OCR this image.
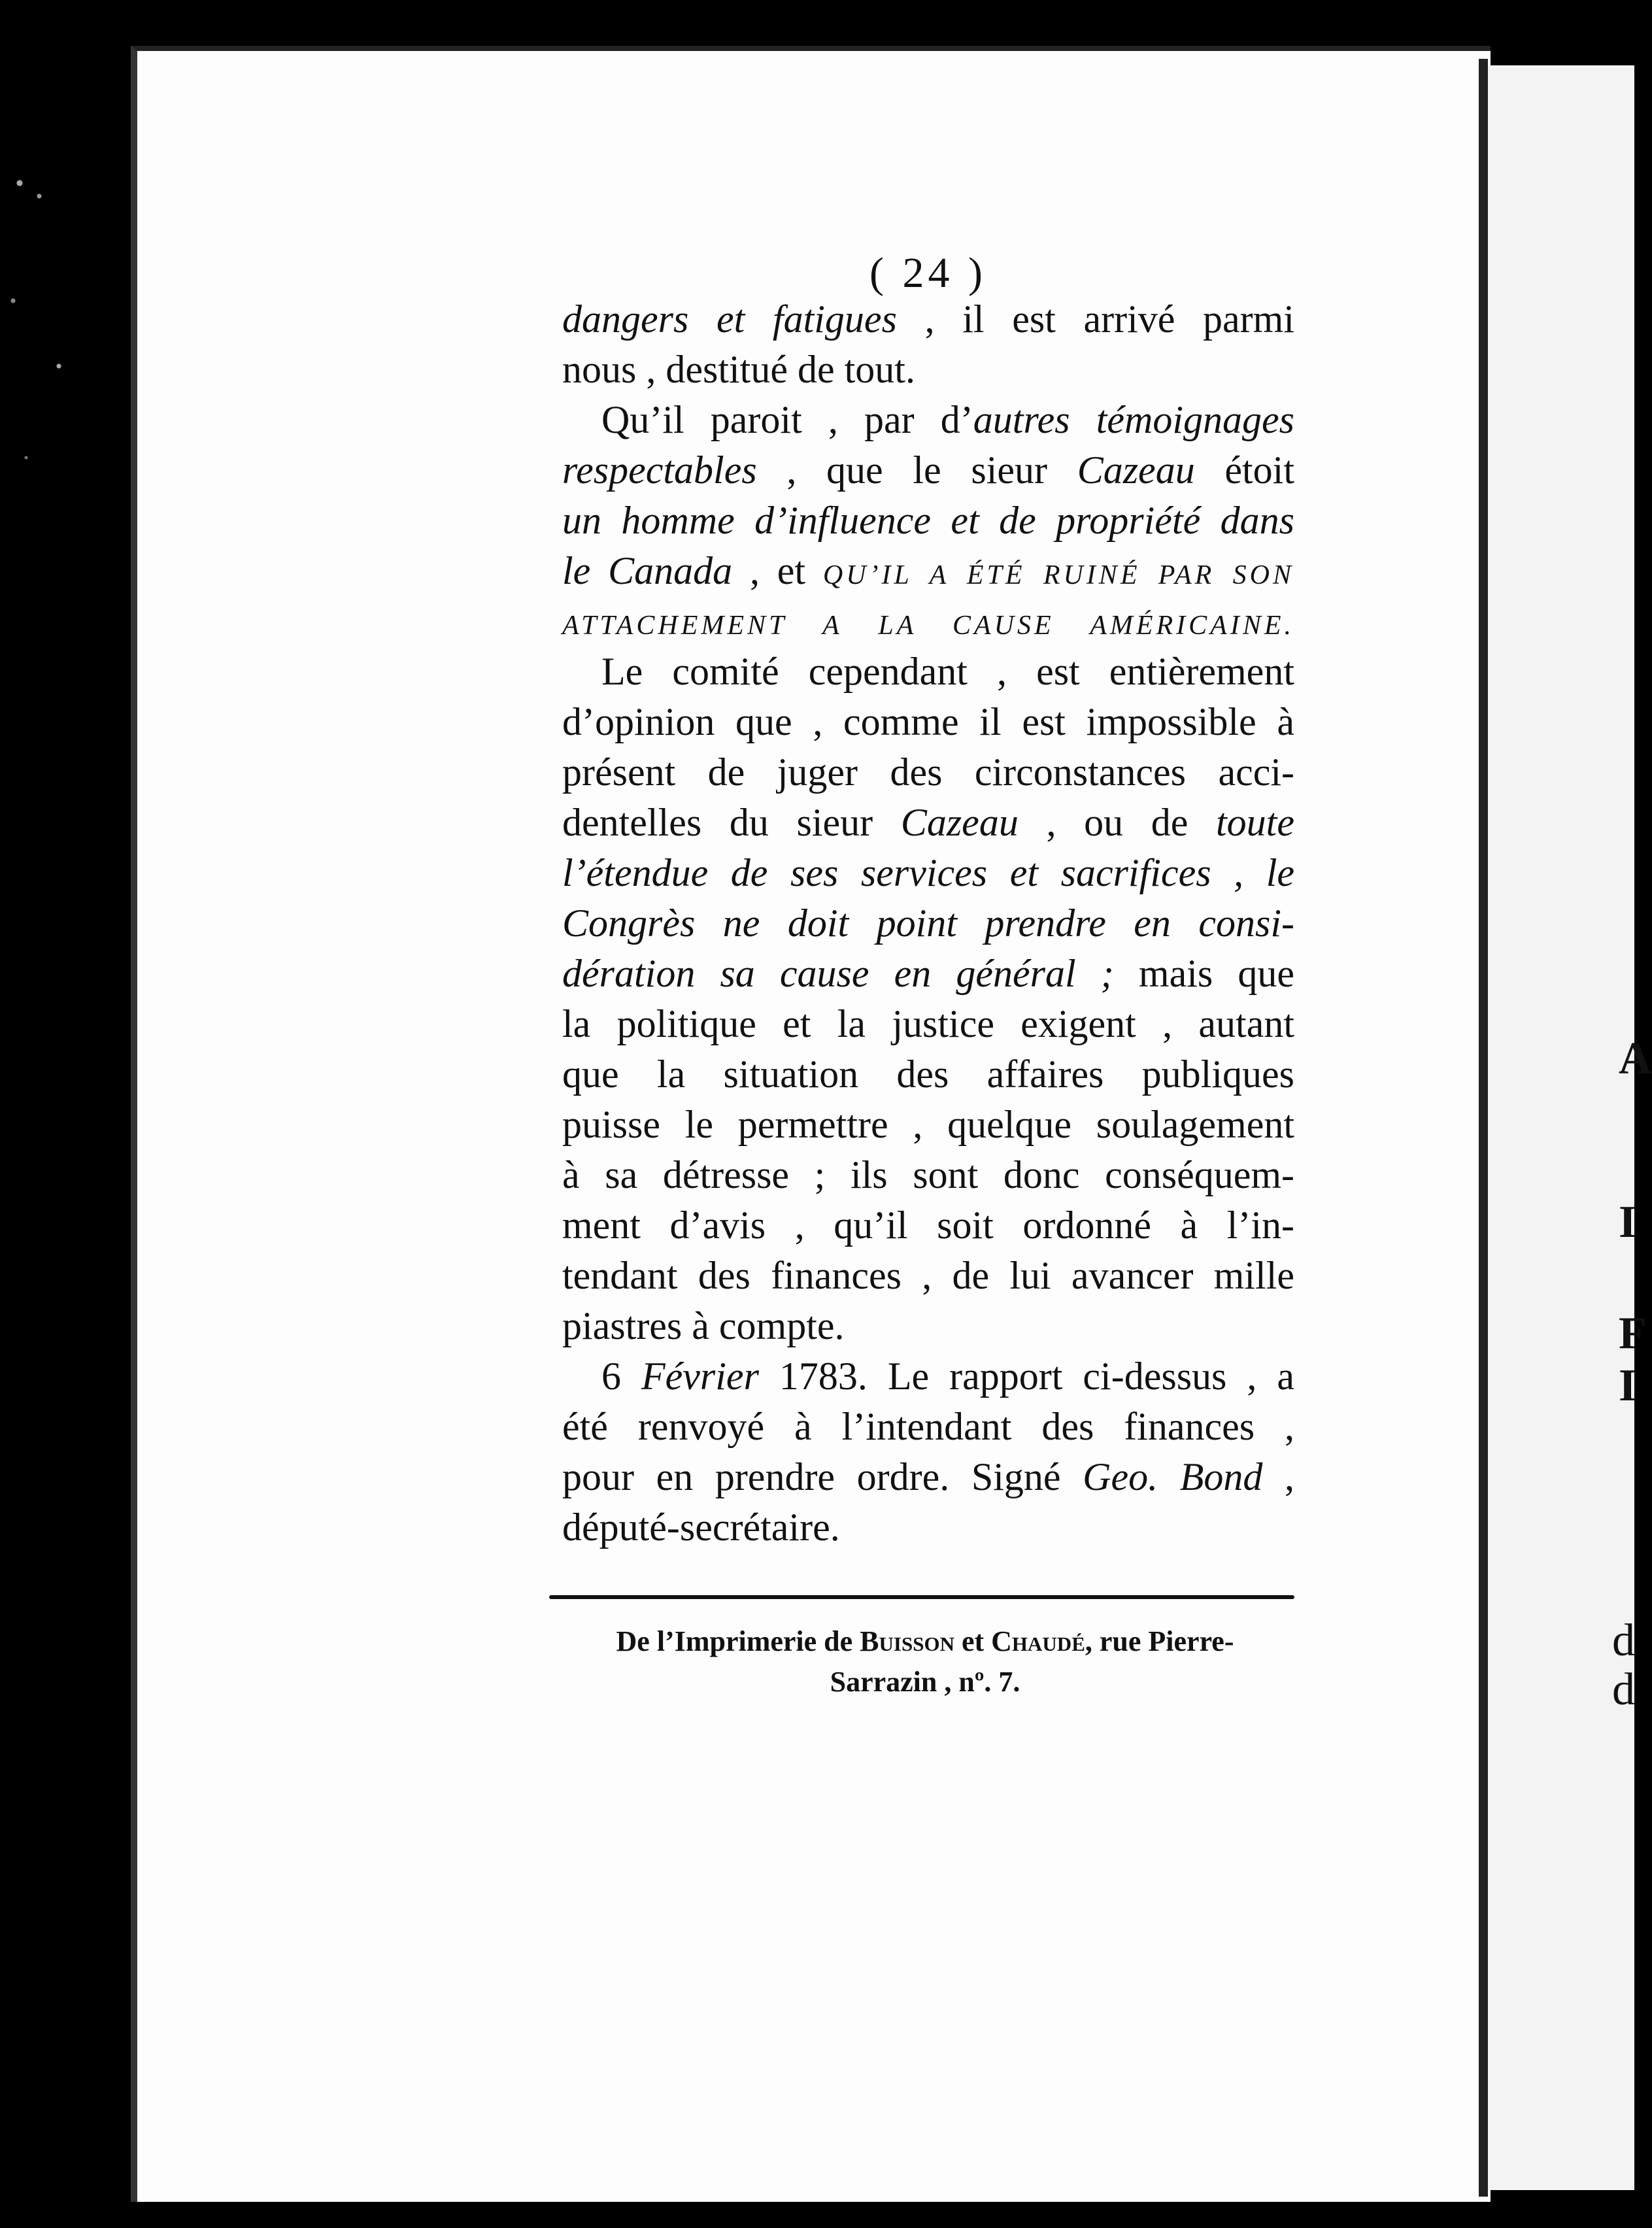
A
I
F
I
d
d
( 24 )
dangers et fatigues , il est arrivé parmi
nous , destitué de tout.
Qu’il paroit , par d’autres témoignages
respectables , que le sieur Cazeau étoit
un homme d’influence et de propriété dans
le Canada , et QU’IL A ÉTÉ RUINÉ PAR SON
ATTACHEMENT A LA CAUSE AMÉRICAINE.
Le comité cependant , est entièrement
d’opinion que , comme il est impossible à
présent de juger des circonstances acci-
dentelles du sieur Cazeau , ou de toute
l’étendue de ses services et sacrifices , le
Congrès ne doit point prendre en consi-
dération sa cause en général ; mais que
la politique et la justice exigent , autant
que la situation des affaires publiques
puisse le permettre , quelque soulagement
à sa détresse ; ils sont donc conséquem-
ment d’avis , qu’il soit ordonné à l’in-
tendant des finances , de lui avancer mille
piastres à compte.
6 Février 1783. Le rapport ci-dessus , a
été renvoyé à l’intendant des finances ,
pour en prendre ordre. Signé Geo. Bond ,
député-secrétaire.
De l’Imprimerie de Buisson et Chaudé, rue Pierre-
Sarrazin , nº. 7.
